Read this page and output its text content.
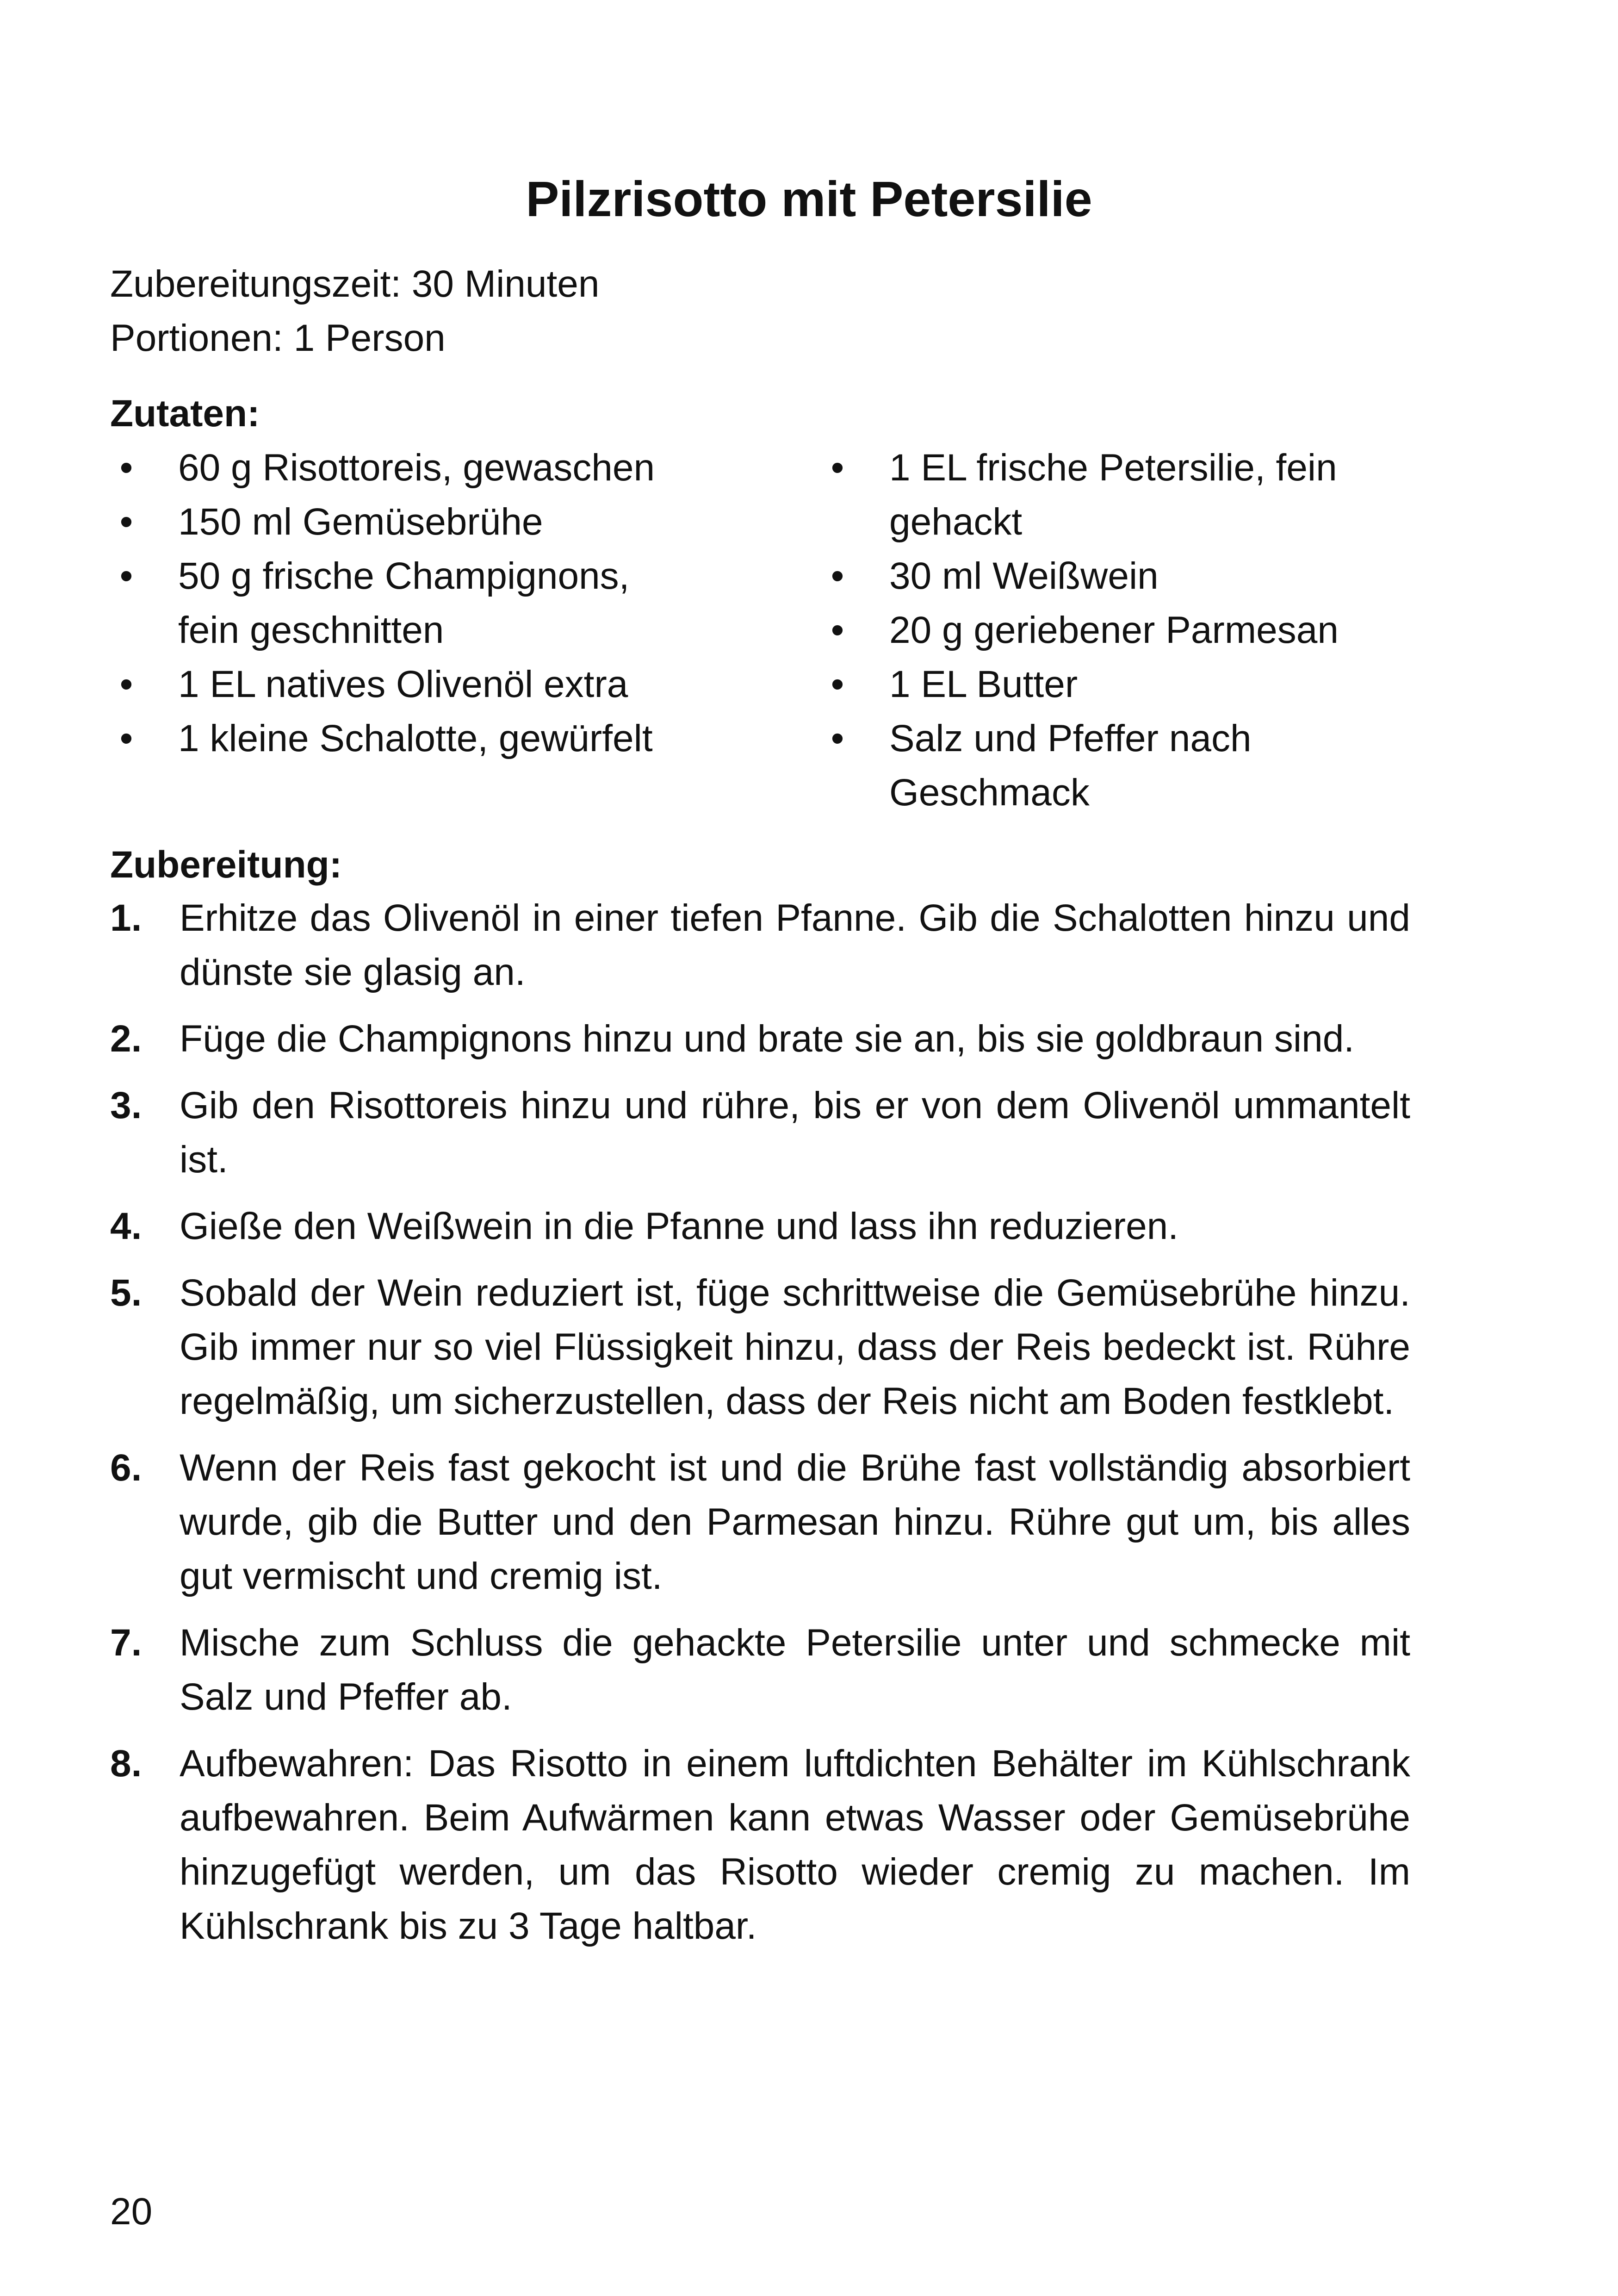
Pilzrisotto mit Petersilie
Zubereitungszeit: 30 Minuten
Portionen: 1 Person
Zutaten:
• 60 g Risottoreis, gewaschen
• 150 ml Gemüsebrühe
• 50 g frische Champignons, fein geschnitten
• 1 EL natives Olivenöl extra
• 1 kleine Schalotte, gewürfelt
• 1 EL frische Petersilie, fein gehackt
• 30 ml Weißwein
• 20 g geriebener Parmesan
• 1 EL Butter
• Salz und Pfeffer nach Geschmack
Zubereitung:
1. Erhitze das Olivenöl in einer tiefen Pfanne. Gib die Schalotten hinzu und dünste sie glasig an.
2. Füge die Champignons hinzu und brate sie an, bis sie goldbraun sind.
3. Gib den Risottoreis hinzu und rühre, bis er von dem Olivenöl ummantelt ist.
4. Gieße den Weißwein in die Pfanne und lass ihn reduzieren.
5. Sobald der Wein reduziert ist, füge schrittweise die Gemüsebrühe hinzu. Gib immer nur so viel Flüssigkeit hinzu, dass der Reis bedeckt ist. Rühre regelmäßig, um sicherzustellen, dass der Reis nicht am Boden festklebt.
6. Wenn der Reis fast gekocht ist und die Brühe fast vollständig absorbiert wurde, gib die Butter und den Parmesan hinzu. Rühre gut um, bis alles gut vermischt und cremig ist.
7. Mische zum Schluss die gehackte Petersilie unter und schmecke mit Salz und Pfeffer ab.
8. Aufbewahren: Das Risotto in einem luftdichten Behälter im Kühlschrank aufbewahren. Beim Aufwärmen kann etwas Wasser oder Gemüsebrühe hinzugefügt werden, um das Risotto wieder cremig zu machen. Im Kühlschrank bis zu 3 Tage haltbar.

20
